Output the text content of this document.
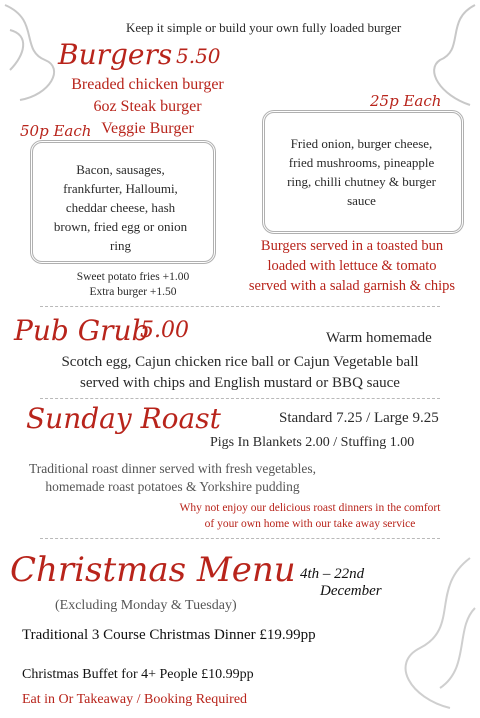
Keep it simple or build your own fully loaded burger
Burgers 5.50
Breaded chicken burger
6oz Steak burger
Veggie Burger
50p Each
Bacon, sausages, frankfurter, Halloumi, cheddar cheese, hash brown, fried egg or onion ring
Sweet potato fries +1.00
Extra burger +1.50
25p Each
Fried onion, burger cheese, fried mushrooms, pineapple ring, chilli chutney & burger sauce
Burgers served in a toasted bun
loaded with lettuce & tomato
served with a salad garnish & chips
Pub Grub
5.00	Warm homemade
Scotch egg, Cajun chicken rice ball or Cajun Vegetable ball
served with chips and English mustard or BBQ sauce
Sunday Roast	Standard 7.25 / Large 9.25
Pigs In Blankets 2.00 / Stuffing 1.00
Traditional roast dinner served with fresh vegetables,
homemade roast potatoes & Yorkshire pudding
Why not enjoy our delicious roast dinners in the comfort
of your own home with our take away service
Christmas Menu 4th – 22nd
December
(Excluding Monday & Tuesday)
Traditional 3 Course Christmas Dinner £19.99pp
Christmas Buffet for 4+ People £10.99pp
Eat in Or Takeaway / Booking Required
